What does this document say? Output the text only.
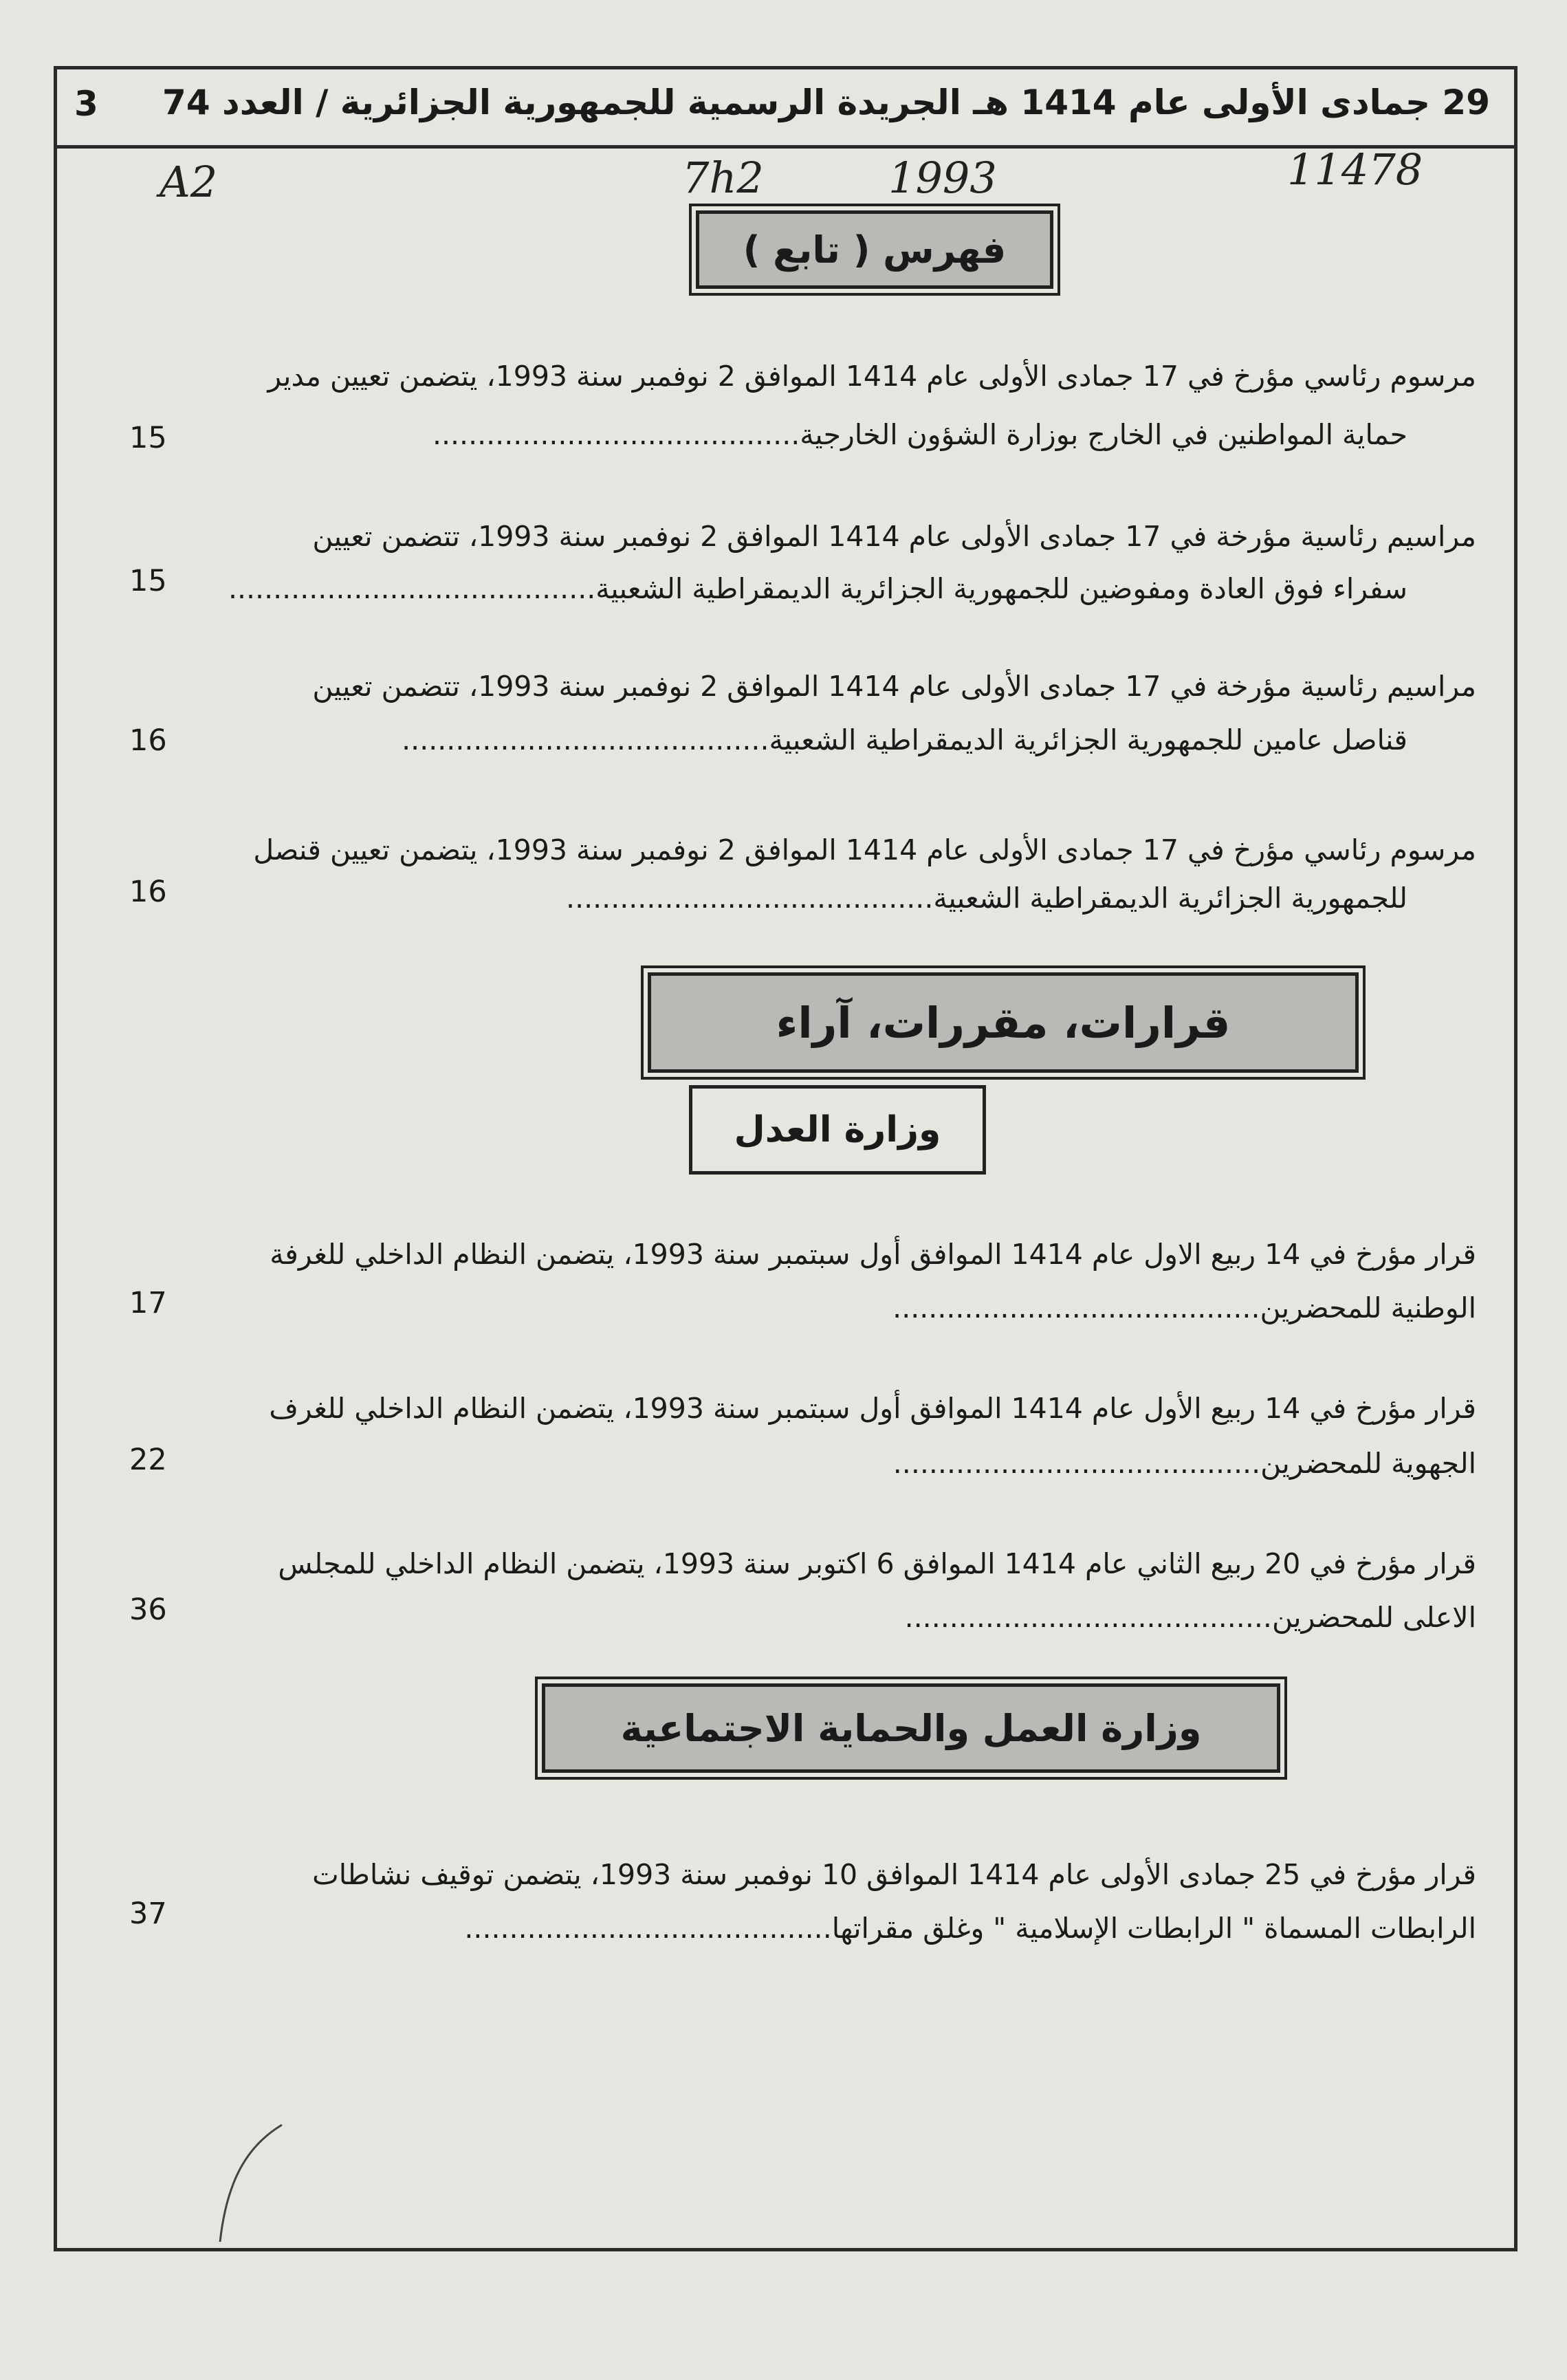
3 29 جمادى الأولى عام 1414 هـ الجريدة الرسمية للجمهورية الجزائرية / العدد 74
A2	7h2	1993	11478
فهرس ( تابع )
مرسوم رئاسي مؤرخ في 17 جمادى الأولى عام 1414 الموافق 2 نوفمبر سنة 1993، يتضمن تعيين مدير
حماية المواطنين في الخارج بوزارة الشؤون الخارجية.........................................
15
مراسيم رئاسية مؤرخة في 17 جمادى الأولى عام 1414 الموافق 2 نوفمبر سنة 1993، تتضمن تعيين
سفراء فوق العادة ومفوضين للجمهورية الجزائرية الديمقراطية الشعبية.........................................
15
مراسيم رئاسية مؤرخة في 17 جمادى الأولى عام 1414 الموافق 2 نوفمبر سنة 1993، تتضمن تعيين
قناصل عامين للجمهورية الجزائرية الديمقراطية الشعبية.........................................
16
مرسوم رئاسي مؤرخ في 17 جمادى الأولى عام 1414 الموافق 2 نوفمبر سنة 1993، يتضمن تعيين قنصل
للجمهورية الجزائرية الديمقراطية الشعبية.........................................
16
قرارات، مقررات، آراء
وزارة العدل
قرار مؤرخ في 14 ربيع الاول عام 1414 الموافق أول سبتمبر سنة 1993، يتضمن النظام الداخلي للغرفة
الوطنية للمحضرين.........................................
17
قرار مؤرخ في 14 ربيع الأول عام 1414 الموافق أول سبتمبر سنة 1993، يتضمن النظام الداخلي للغرف
الجهوية للمحضرين.........................................
22
قرار مؤرخ في 20 ربيع الثاني عام 1414 الموافق 6 اكتوبر سنة 1993، يتضمن النظام الداخلي للمجلس
الاعلى للمحضرين.........................................
36
وزارة العمل والحماية الاجتماعية
قرار مؤرخ في 25 جمادى الأولى عام 1414 الموافق 10 نوفمبر سنة 1993، يتضمن توقيف نشاطات
الرابطات المسماة " الرابطات الإسلامية " وغلق مقراتها.........................................
37
